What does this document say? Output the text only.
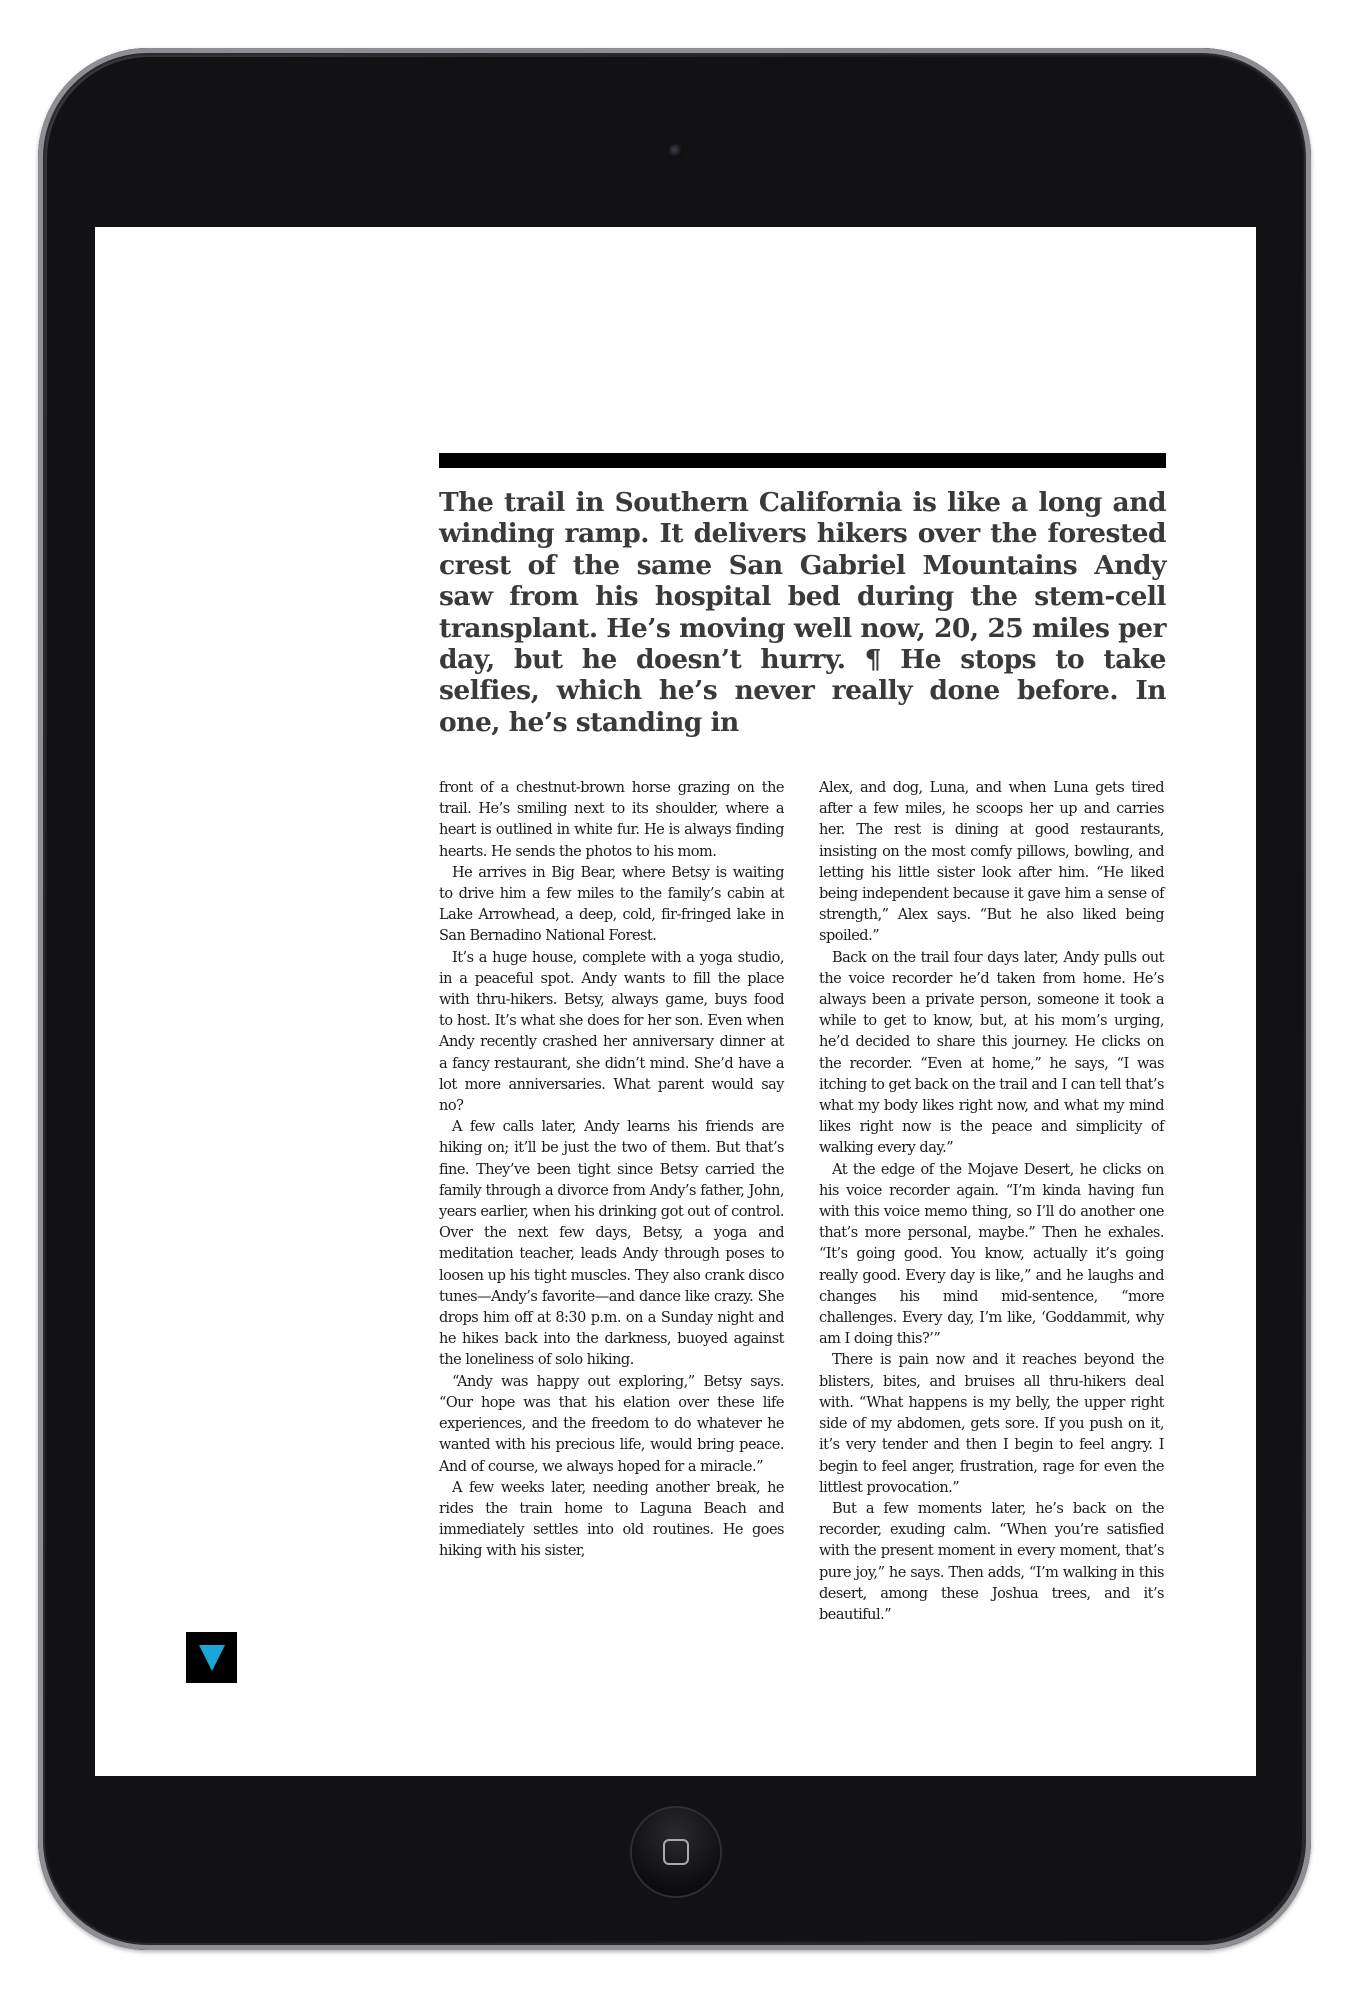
The trail in Southern California is like a long and winding ramp. It delivers hikers over the forested crest of the same San Gabriel Mountains Andy saw from his hospital bed during the stem-cell transplant. He’s moving well now, 20, 25 miles per day, but he doesn’t hurry. ¶ He stops to take selfies, which he’s never really done before. In one, he’s standing in

front of a chestnut-brown horse grazing on the trail. He’s smiling next to its shoulder, where a heart is outlined in white fur. He is always finding hearts. He sends the photos to his mom.

He arrives in Big Bear, where Betsy is waiting to drive him a few miles to the family’s cabin at Lake Arrowhead, a deep, cold, fir-fringed lake in San Bernadino National Forest.

It’s a huge house, complete with a yoga studio, in a peaceful spot. Andy wants to fill the place with thru-hikers. Betsy, always game, buys food to host. It’s what she does for her son. Even when Andy recently crashed her anniversary dinner at a fancy restaurant, she didn’t mind. She’d have a lot more anniversaries. What parent would say no?

A few calls later, Andy learns his friends are hiking on; it’ll be just the two of them. But that’s fine. They’ve been tight since Betsy carried the family through a divorce from Andy’s father, John, years earlier, when his drinking got out of control. Over the next few days, Betsy, a yoga and meditation teacher, leads Andy through poses to loosen up his tight muscles. They also crank disco tunes—Andy’s favorite—and dance like crazy. She drops him off at 8:30 p.m. on a Sunday night and he hikes back into the darkness, buoyed against the loneliness of solo hiking.

“Andy was happy out exploring,” Betsy says. “Our hope was that his elation over these life experiences, and the freedom to do whatever he wanted with his precious life, would bring peace. And of course, we always hoped for a miracle.”

A few weeks later, needing another break, he rides the train home to Laguna Beach and immediately settles into old routines. He goes hiking with his sister,

Alex, and dog, Luna, and when Luna gets tired after a few miles, he scoops her up and carries her. The rest is dining at good restaurants, insisting on the most comfy pillows, bowling, and letting his little sister look after him. “He liked being independent because it gave him a sense of strength,” Alex says. “But he also liked being spoiled.”

Back on the trail four days later, Andy pulls out the voice recorder he’d taken from home. He’s always been a private person, someone it took a while to get to know, but, at his mom’s urging, he’d decided to share this journey. He clicks on the recorder. “Even at home,” he says, “I was itching to get back on the trail and I can tell that’s what my body likes right now, and what my mind likes right now is the peace and simplicity of walking every day.”

At the edge of the Mojave Desert, he clicks on his voice recorder again. “I’m kinda having fun with this voice memo thing, so I’ll do another one that’s more personal, maybe.” Then he exhales. “It’s going good. You know, actually it’s going really good. Every day is like,” and he laughs and changes his mind mid-sentence, “more challenges. Every day, I’m like, ‘Goddammit, why am I doing this?’”

There is pain now and it reaches beyond the blisters, bites, and bruises all thru-hikers deal with. “What happens is my belly, the upper right side of my abdomen, gets sore. If you push on it, it’s very tender and then I begin to feel angry. I begin to feel anger, frustration, rage for even the littlest provocation.”

But a few moments later, he’s back on the recorder, exuding calm. “When you’re satisfied with the present moment in every moment, that’s pure joy,” he says. Then adds, “I’m walking in this desert, among these Joshua trees, and it’s beautiful.”
